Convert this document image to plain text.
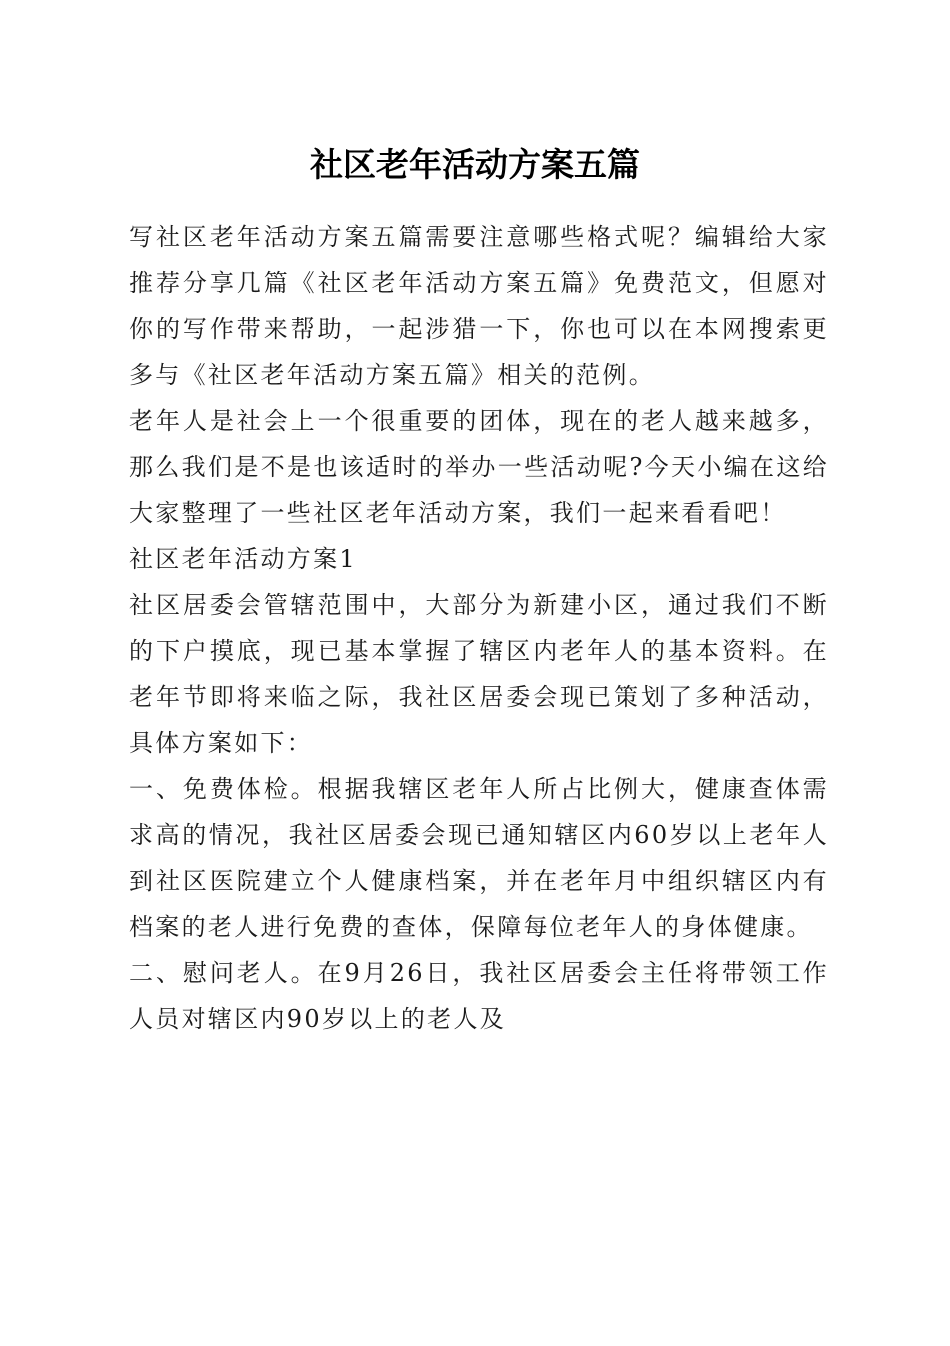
社区老年活动方案五篇

写社区老年活动方案五篇需要注意哪些格式呢？编辑给大家推荐分享几篇《社区老年活动方案五篇》免费范文，但愿对你的写作带来帮助，一起涉猎一下，你也可以在本网搜索更多与《社区老年活动方案五篇》相关的范例。

老年人是社会上一个很重要的团体，现在的老人越来越多，那么我们是不是也该适时的举办一些活动呢?今天小编在这给大家整理了一些社区老年活动方案，我们一起来看看吧！

社区老年活动方案1

社区居委会管辖范围中，大部分为新建小区，通过我们不断的下户摸底，现已基本掌握了辖区内老年人的基本资料。在老年节即将来临之际，我社区居委会现已策划了多种活动，具体方案如下：

一、免费体检。根据我辖区老年人所占比例大，健康查体需求高的情况，我社区居委会现已通知辖区内60岁以上老年人到社区医院建立个人健康档案，并在老年月中组织辖区内有档案的老人进行免费的查体，保障每位老年人的身体健康。

二、慰问老人。在9月26日，我社区居委会主任将带领工作人员对辖区内90岁以上的老人及
